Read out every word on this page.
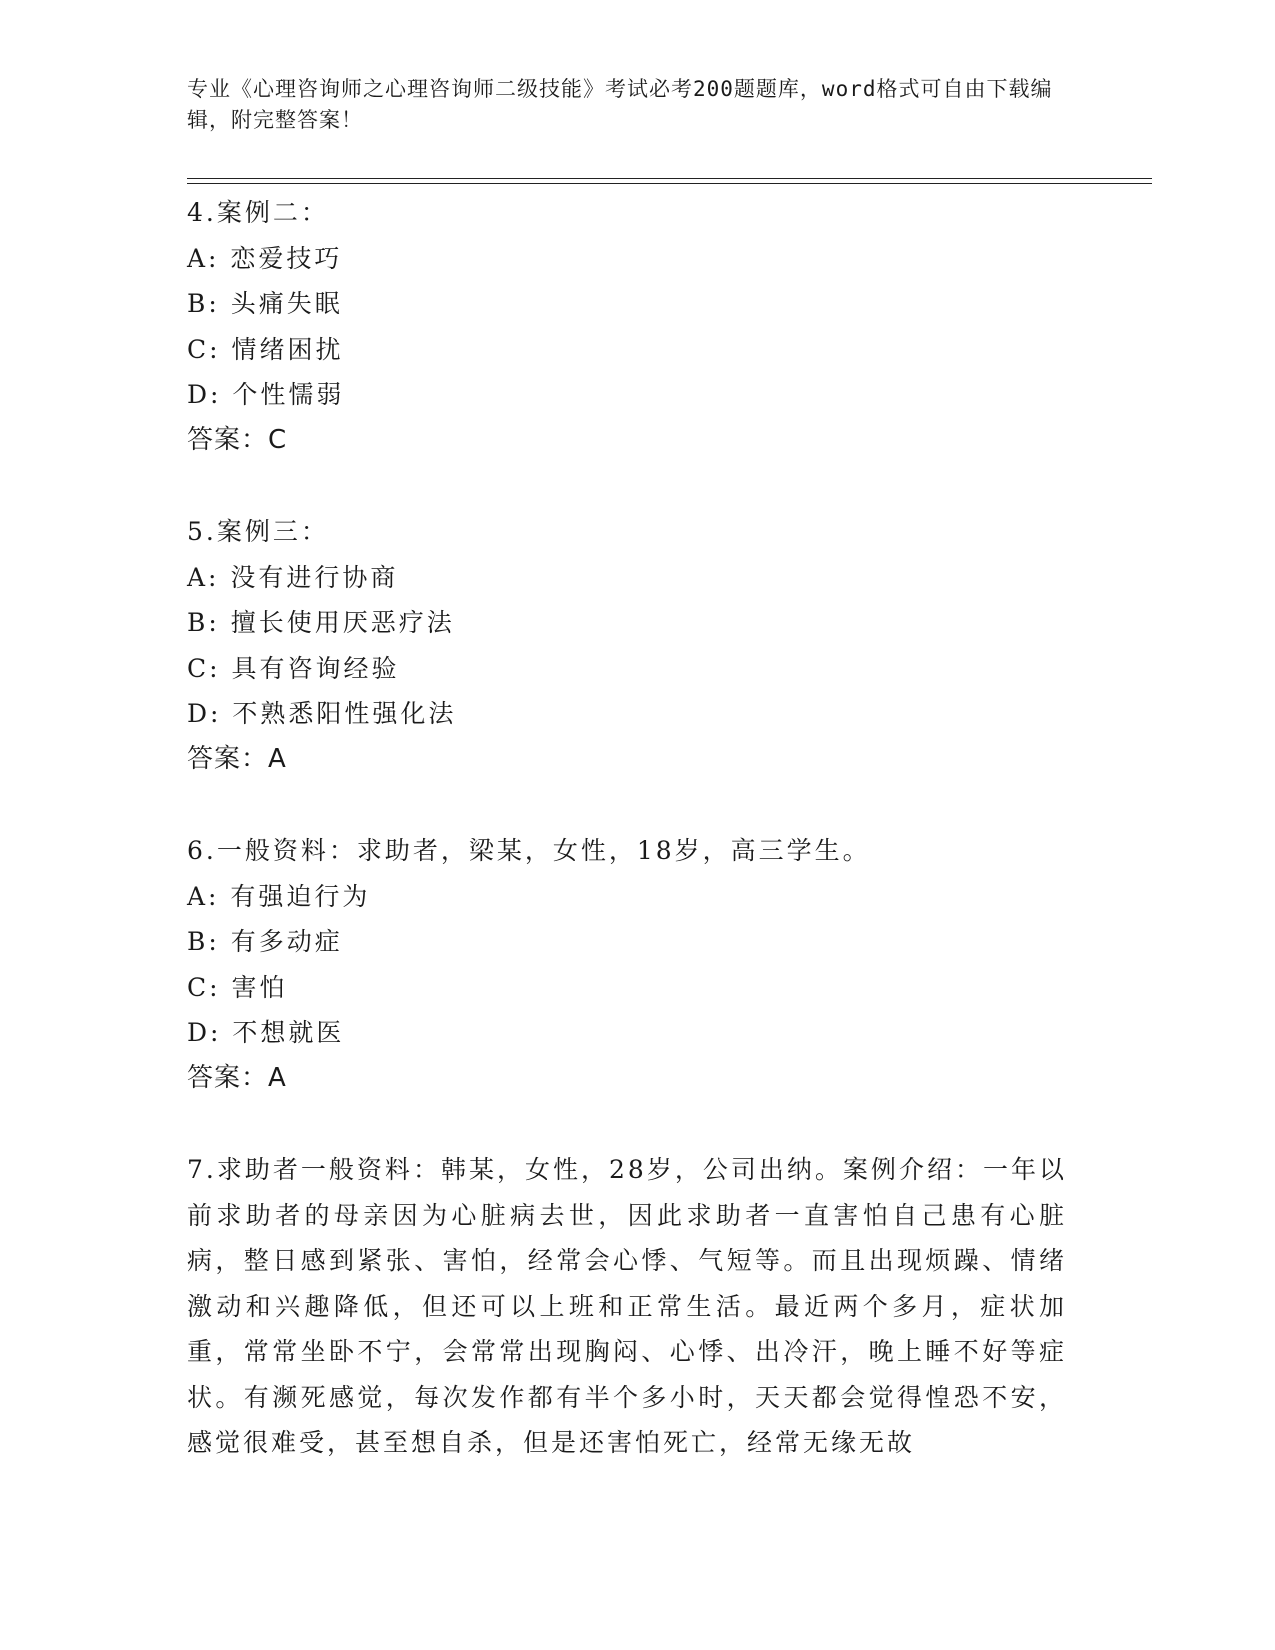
专业《心理咨询师之心理咨询师二级技能》考试必考200题题库，word格式可自由下载编辑，附完整答案！
4.案例二：
A: 恋爱技巧
B: 头痛失眠
C: 情绪困扰
D: 个性懦弱
答案：C
5.案例三：
A: 没有进行协商
B: 擅长使用厌恶疗法
C: 具有咨询经验
D: 不熟悉阳性强化法
答案：A
6.一般资料：求助者，梁某，女性，18岁，高三学生。
A: 有强迫行为
B: 有多动症
C: 害怕
D: 不想就医
答案：A
7.求助者一般资料：韩某，女性，28岁，公司出纳。案例介绍：一年以前求助者的母亲因为心脏病去世，因此求助者一直害怕自己患有心脏病，整日感到紧张、害怕，经常会心悸、气短等。而且出现烦躁、情绪激动和兴趣降低，但还可以上班和正常生活。最近两个多月，症状加重，常常坐卧不宁，会常常出现胸闷、心悸、出冷汗，晚上睡不好等症状。有濒死感觉，每次发作都有半个多小时，天天都会觉得惶恐不安，感觉很难受，甚至想自杀，但是还害怕死亡，经常无缘无故
